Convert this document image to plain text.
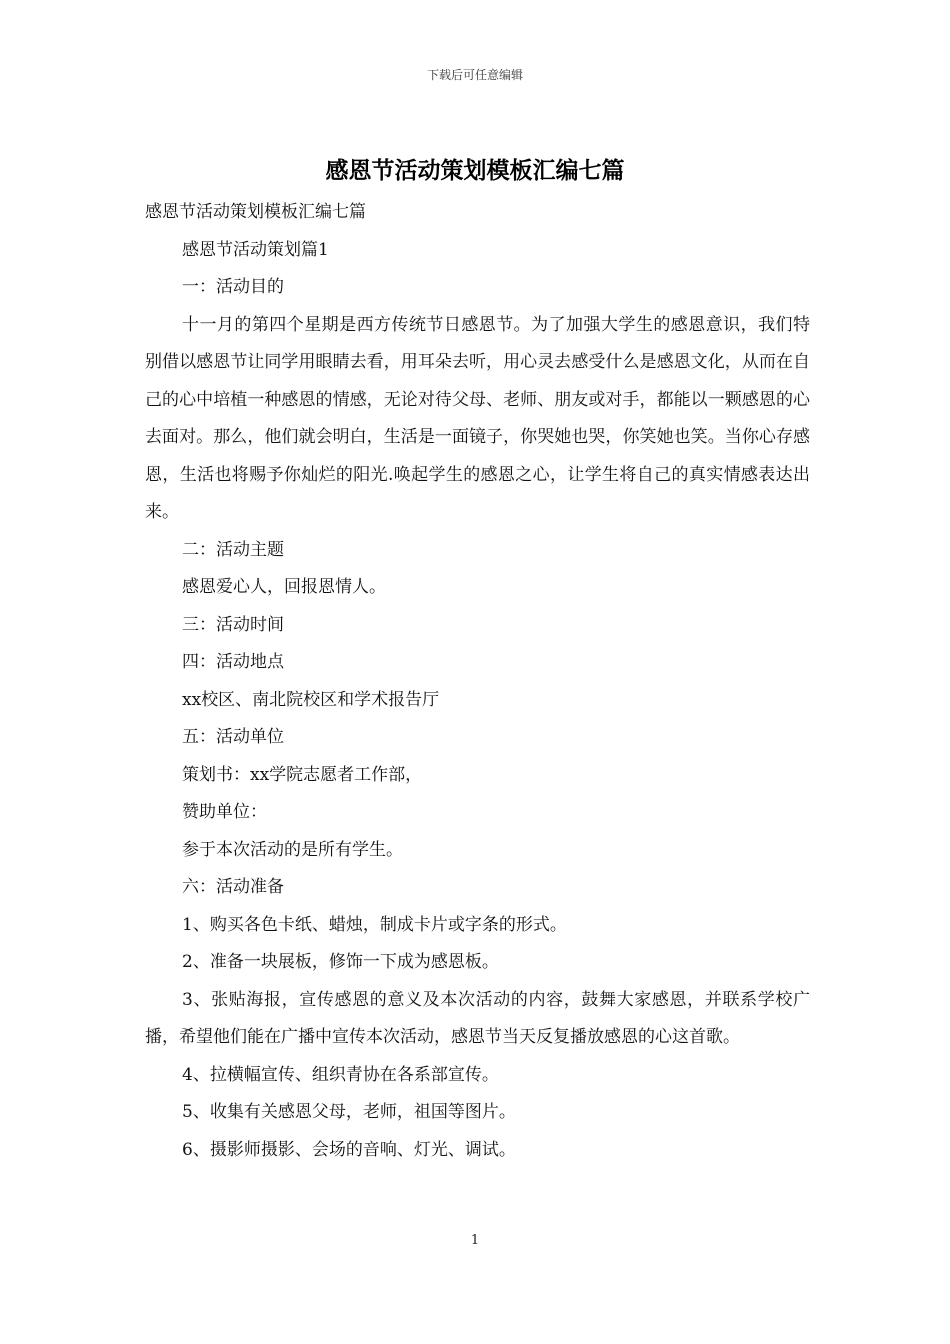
下载后可任意编辑
感恩节活动策划模板汇编七篇

感恩节活动策划模板汇编七篇

感恩节活动策划篇1

一：活动目的

十一月的第四个星期是西方传统节日感恩节。为了加强大学生的感恩意识，我们特别借以感恩节让同学用眼睛去看，用耳朵去听，用心灵去感受什么是感恩文化，从而在自己的心中培植一种感恩的情感，无论对待父母、老师、朋友或对手，都能以一颗感恩的心去面对。那么，他们就会明白，生活是一面镜子，你哭她也哭，你笑她也笑。当你心存感恩，生活也将赐予你灿烂的阳光.唤起学生的感恩之心，让学生将自己的真实情感表达出来。

二：活动主题

感恩爱心人，回报恩情人。

三：活动时间

四：活动地点

xx校区、南北院校区和学术报告厅

五：活动单位

策划书：xx学院志愿者工作部，

赞助单位：

参于本次活动的是所有学生。

六：活动准备

1、购买各色卡纸、蜡烛，制成卡片或字条的形式。

2、准备一块展板，修饰一下成为感恩板。

3、张贴海报，宣传感恩的意义及本次活动的内容，鼓舞大家感恩，并联系学校广播，希望他们能在广播中宣传本次活动，感恩节当天反复播放感恩的心这首歌。

4、拉横幅宣传、组织青协在各系部宣传。

5、收集有关感恩父母，老师，祖国等图片。

6、摄影师摄影、会场的音响、灯光、调试。

1
